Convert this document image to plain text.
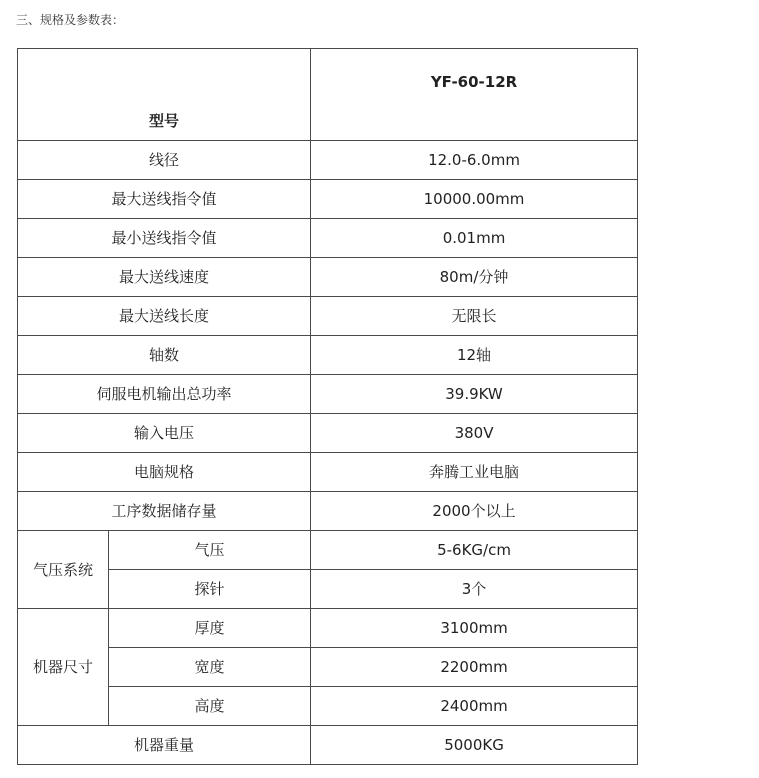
三、规格及参数表：
型号		YF-60-12R
线径		12.0-6.0mm
最大送线指令值		10000.00mm
最小送线指令值		0.01mm
最大送线速度		80m/分钟
最大送线长度		无限长
轴数		12轴
伺服电机输出总功率		39.9KW
输入电压		380V
电脑规格		奔腾工业电脑
工序数据储存量		2000个以上
气压系统	气压	5-6KG/cm
	探针	3个
机器尺寸	厚度	3100mm
	宽度	2200mm
	高度	2400mm
机器重量		5000KG
